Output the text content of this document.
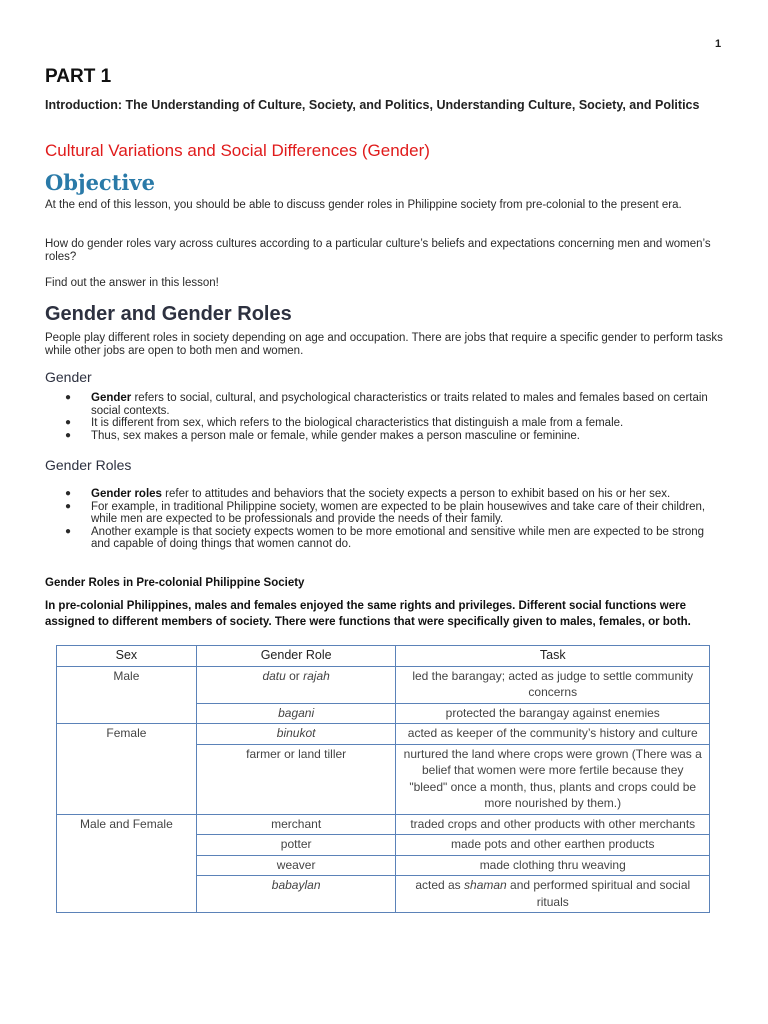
1
PART 1
Introduction: The Understanding of Culture, Society, and Politics, Understanding Culture, Society, and Politics
Cultural Variations and Social Differences (Gender)
Objective
At the end of this lesson, you should be able to discuss gender roles in Philippine society from pre-colonial to the present era.
How do gender roles vary across cultures according to a particular culture’s beliefs and expectations concerning men and women’s roles?
Find out the answer in this lesson!
Gender and Gender Roles
People play different roles in society depending on age and occupation. There are jobs that require a specific gender to perform tasks while other jobs are open to both men and women.
Gender
● Gender refers to social, cultural, and psychological characteristics or traits related to males and females based on certain social contexts.
● It is different from sex, which refers to the biological characteristics that distinguish a male from a female.
● Thus, sex makes a person male or female, while gender makes a person masculine or feminine.
Gender Roles
● Gender roles refer to attitudes and behaviors that the society expects a person to exhibit based on his or her sex.
● For example, in traditional Philippine society, women are expected to be plain housewives and take care of their children, while men are expected to be professionals and provide the needs of their family.
● Another example is that society expects women to be more emotional and sensitive while men are expected to be strong and capable of doing things that women cannot do.
Gender Roles in Pre-colonial Philippine Society
In pre-colonial Philippines, males and females enjoyed the same rights and privileges. Different social functions were assigned to different members of society. There were functions that were specifically given to males, females, or both.
Sex	Gender Role	Task
Male	datu or rajah	led the barangay; acted as judge to settle community concerns
	bagani	protected the barangay against enemies
Female	binukot	acted as keeper of the community’s history and culture
	farmer or land tiller	nurtured the land where crops were grown (There was a belief that women were more fertile because they "bleed" once a month, thus, plants and crops could be more nourished by them.)
Male and Female	merchant	traded crops and other products with other merchants
	potter	made pots and other earthen products
	weaver	made clothing thru weaving
	babaylan	acted as shaman and performed spiritual and social rituals
